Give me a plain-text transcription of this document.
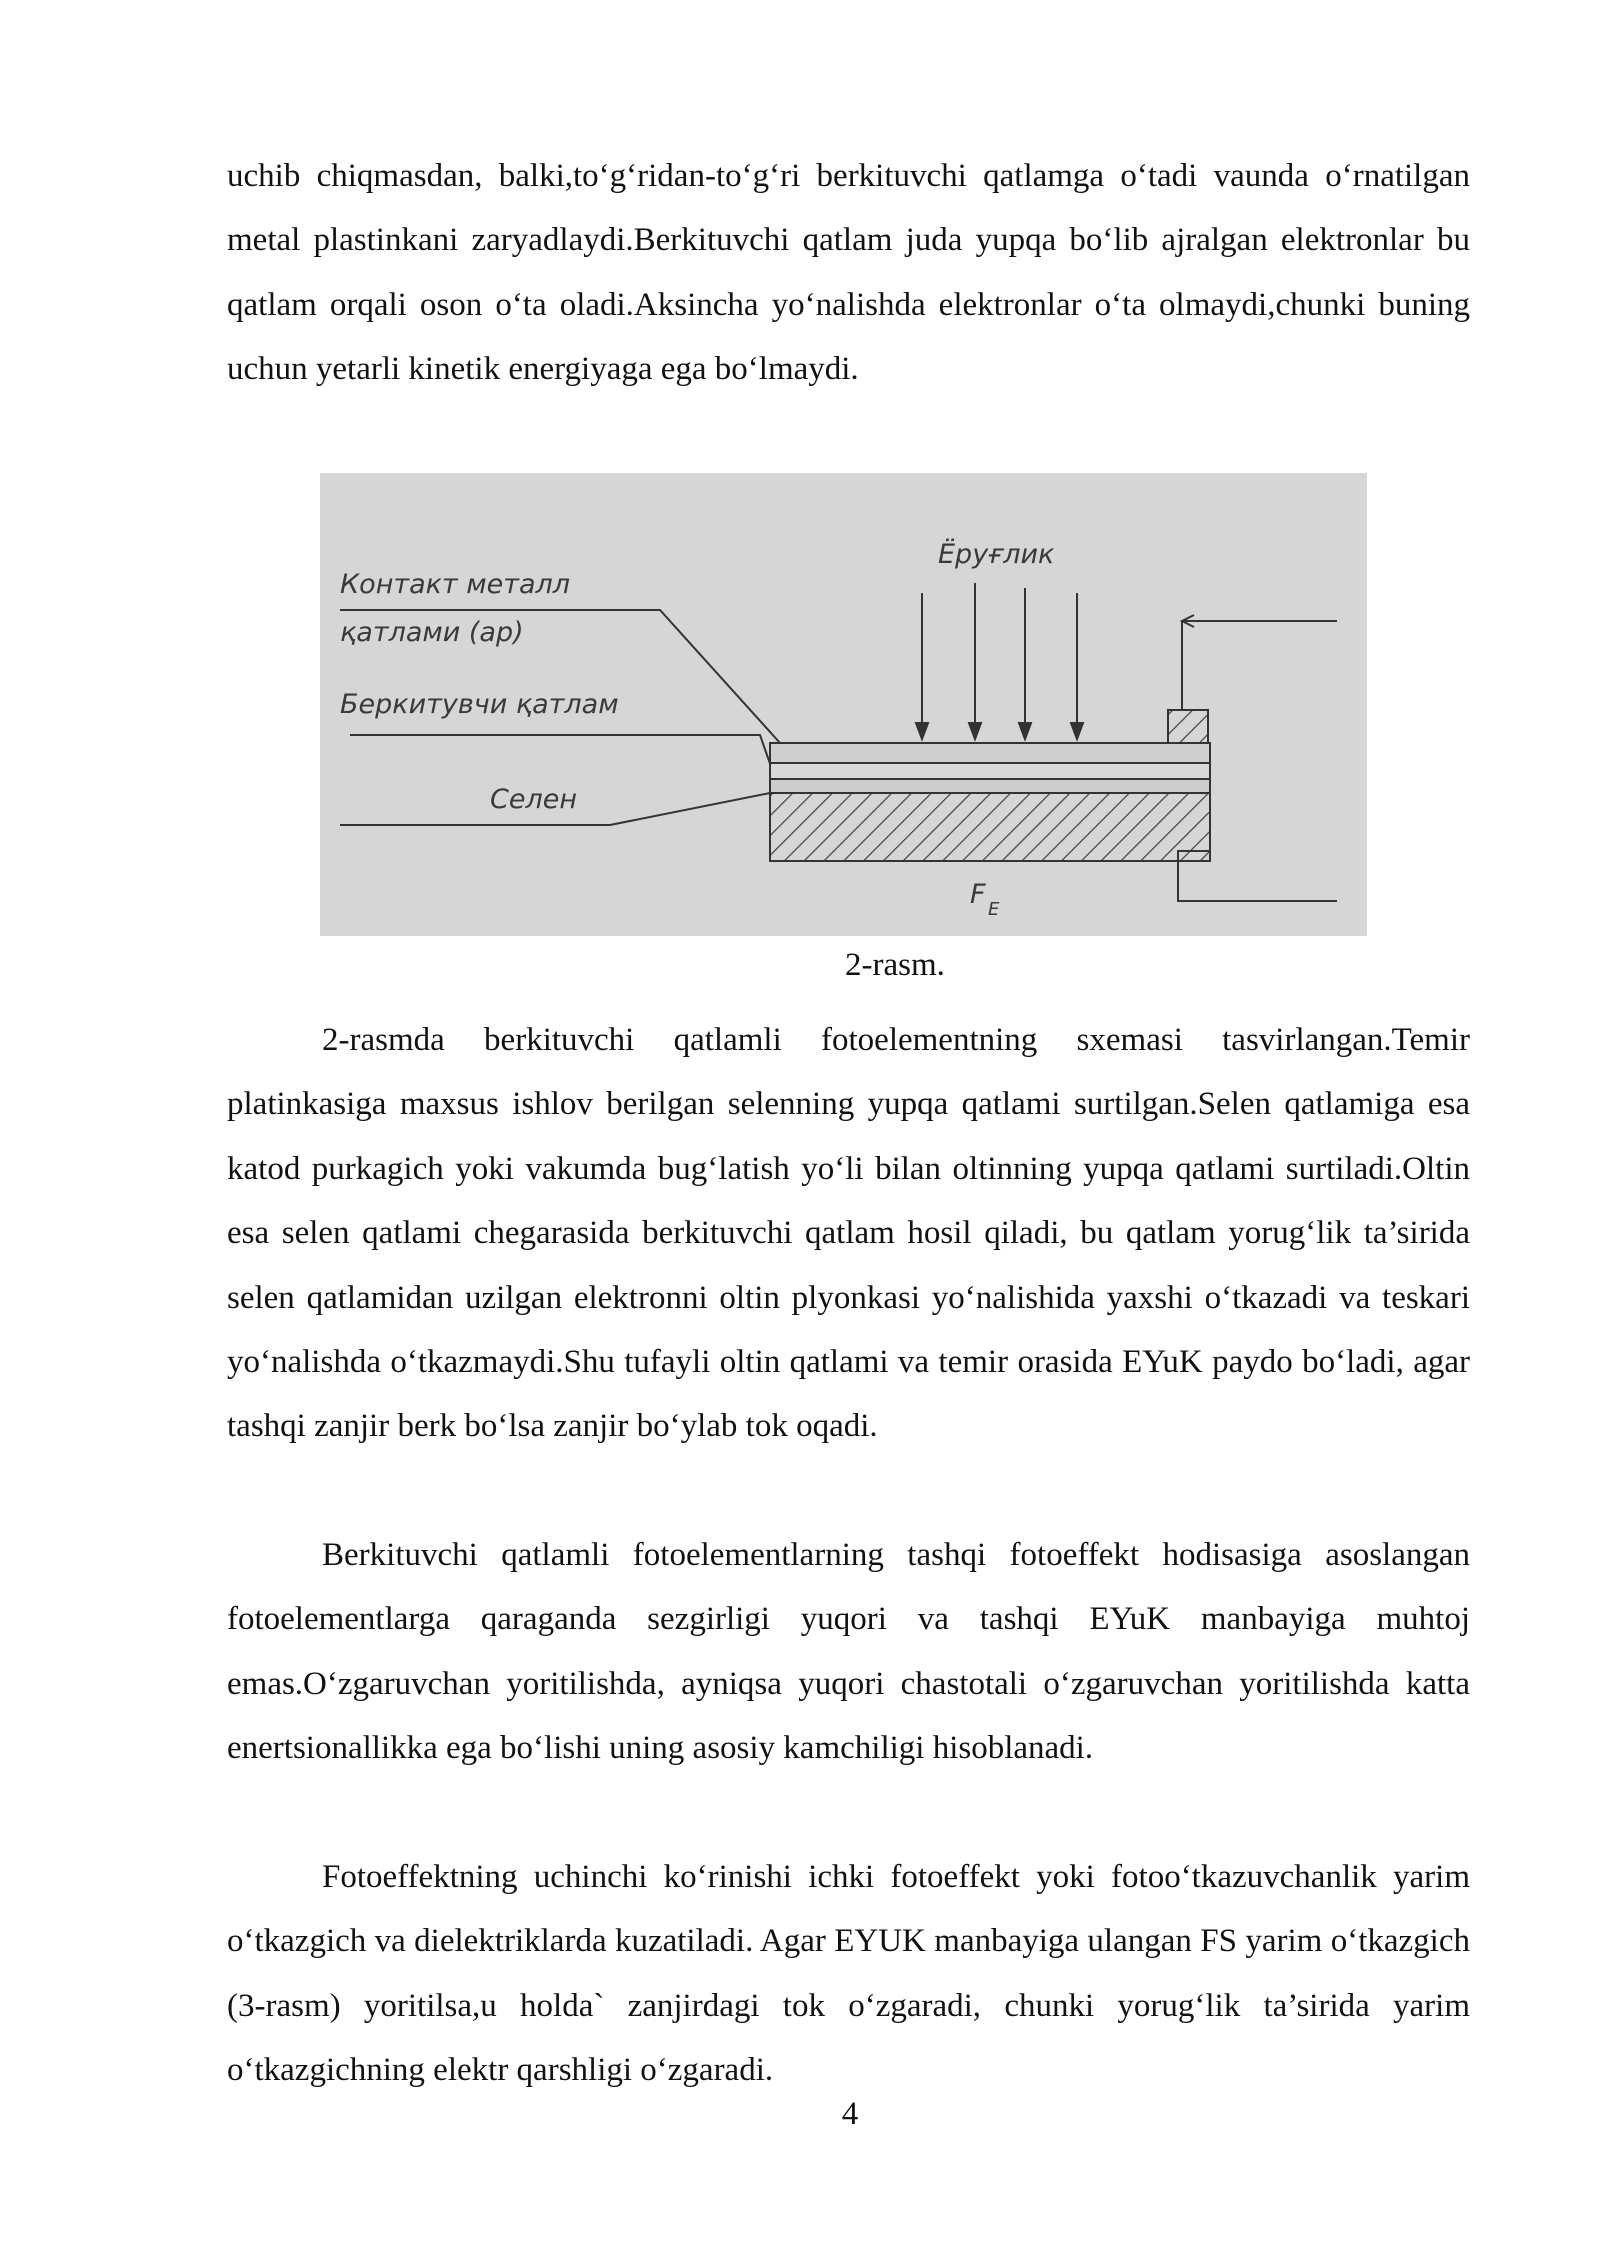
uchib chiqmasdan, balki,to‘g‘ridan-to‘g‘ri berkituvchi qatlamga o‘tadi vaunda o‘rnatilgan metal plastinkani zaryadlaydi.Berkituvchi qatlam juda yupqa bo‘lib ajralgan elektronlar bu qatlam orqali oson o‘ta oladi.Aksincha yo‘nalishda elektronlar o‘ta olmaydi,chunki buning uchun yetarli kinetik energiyaga ega bo‘lmaydi.

Контакт металл
қатлами (ap)
Беркитувчи қатлам
Селен
Ёруғлик
F E
2-rasm.

2-rasmda berkituvchi qatlamli fotoelementning sxemasi tasvirlangan.Temir platinkasiga maxsus ishlov berilgan selenning yupqa qatlami surtilgan.Selen qatlamiga esa katod purkagich yoki vakumda bug‘latish yo‘li bilan oltinning yupqa qatlami surtiladi.Oltin esa selen qatlami chegarasida berkituvchi qatlam hosil qiladi, bu qatlam yorug‘lik ta’sirida selen qatlamidan uzilgan elektronni oltin plyonkasi yo‘nalishida yaxshi o‘tkazadi va teskari yo‘nalishda o‘tkazmaydi.Shu tufayli oltin qatlami va temir orasida EYuK paydo bo‘ladi, agar tashqi zanjir berk bo‘lsa zanjir bo‘ylab tok oqadi.

Berkituvchi qatlamli fotoelementlarning tashqi fotoeffekt hodisasiga asoslangan fotoelementlarga qaraganda sezgirligi yuqori va tashqi EYuK manbayiga muhtoj emas.O‘zgaruvchan yoritilishda, ayniqsa yuqori chastotali o‘zgaruvchan yoritilishda katta enertsionallikka ega bo‘lishi uning asosiy kamchiligi hisoblanadi.

Fotoeffektning uchinchi ko‘rinishi ichki fotoeffekt yoki fotoo‘tkazuvchanlik yarim o‘tkazgich va dielektriklarda kuzatiladi. Agar EYUK manbayiga ulangan FS yarim o‘tkazgich (3-rasm) yoritilsa,u holda` zanjirdagi tok o‘zgaradi, chunki yorug‘lik ta’sirida yarim o‘tkazgichning elektr qarshligi o‘zgaradi.

4
